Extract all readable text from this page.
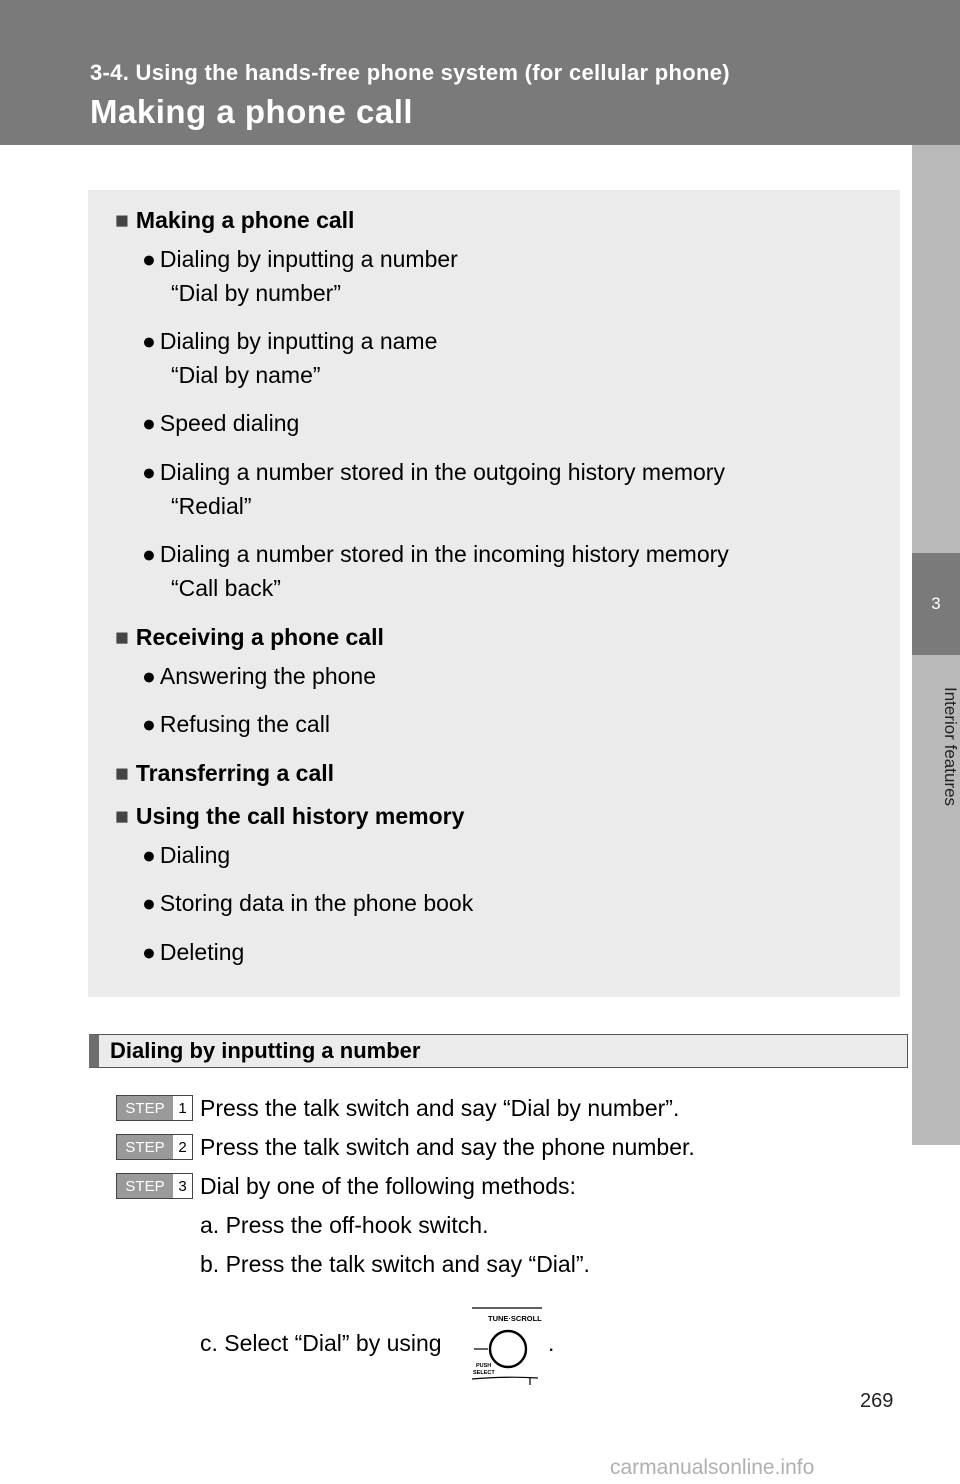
3-4. Using the hands-free phone system (for cellular phone)
Making a phone call
3
Interior features
■ Making a phone call
● Dialing by inputting a number
“Dial by number”
● Dialing by inputting a name
“Dial by name”
● Speed dialing
● Dialing a number stored in the outgoing history memory
“Redial”
● Dialing a number stored in the incoming history memory
“Call back”
■ Receiving a phone call
● Answering the phone
● Refusing the call
■ Transferring a call
■ Using the call history memory
● Dialing
● Storing data in the phone book
● Deleting
Dialing by inputting a number
STEP 1 Press the talk switch and say “Dial by number”.
STEP 2 Press the talk switch and say the phone number.
STEP 3 Dial by one of the following methods:
a. Press the off-hook switch.
b. Press the talk switch and say “Dial”.
c. Select “Dial” by using	.
TUNE·SCROLL
PUSH
SELECT
269
carmanualsonline.info
